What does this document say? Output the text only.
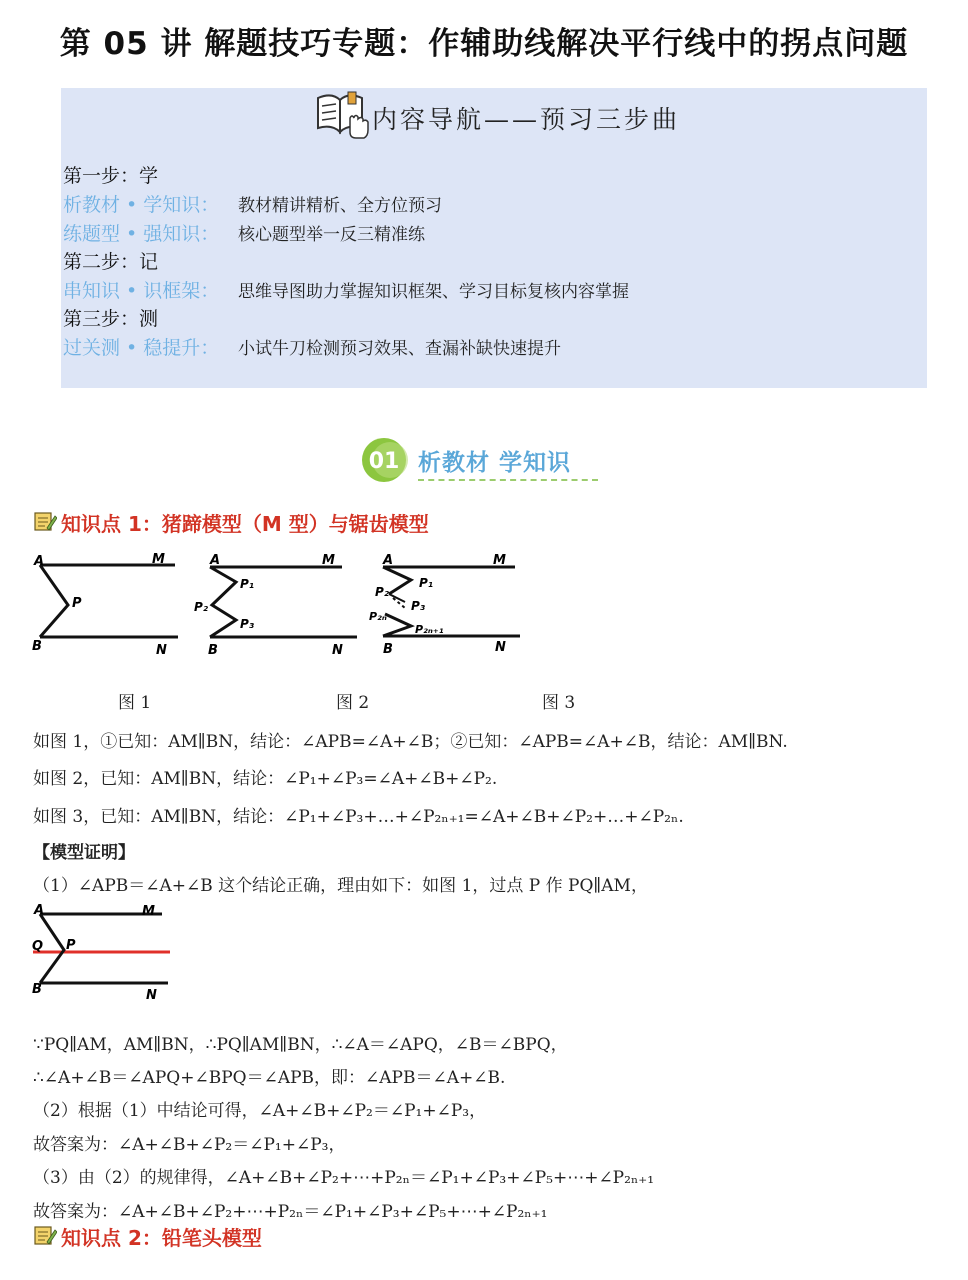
第 05 讲 解题技巧专题：作辅助线解决平行线中的拐点问题
内容导航——预习三步曲
第一步：学
析教材 • 学知识： 教材精讲精析、全方位预习
练题型 • 强知识： 核心题型举一反三精准练
第二步：记
串知识 • 识框架： 思维导图助力掌握知识框架、学习目标复核内容掌握
第三步：测
过关测 • 稳提升： 小试牛刀检测预习效果、查漏补缺快速提升
01 析教材 学知识
知识点 1：猪蹄模型（M 型）与锯齿模型
A	M
P
B	N
A	M
P₁
P₂
P₃
B	N
A	M
P₁
P₂
P₃
P₂ₙ
P₂ₙ₊₁
B	N
图 1	图 2	图 3
如图 1，①已知：AM∥BN，结论：∠APB=∠A+∠B；②已知：∠APB=∠A+∠B，结论：AM∥BN.
如图 2，已知：AM∥BN，结论：∠P₁+∠P₃=∠A+∠B+∠P₂.
如图 3，已知：AM∥BN，结论：∠P₁+∠P₃+…+∠P₂ₙ₊₁=∠A+∠B+∠P₂+…+∠P₂ₙ.
【模型证明】
（1）∠APB＝∠A+∠B 这个结论正确，理由如下：如图 1，过点 P 作 PQ∥AM，
A	M
Q P
B	N
∵PQ∥AM，AM∥BN，∴PQ∥AM∥BN，∴∠A＝∠APQ，∠B＝∠BPQ，
∴∠A+∠B＝∠APQ+∠BPQ＝∠APB，即：∠APB＝∠A+∠B.
（2）根据（1）中结论可得，∠A+∠B+∠P₂＝∠P₁+∠P₃，
故答案为：∠A+∠B+∠P₂＝∠P₁+∠P₃，
（3）由（2）的规律得，∠A+∠B+∠P₂+⋯+P₂ₙ＝∠P₁+∠P₃+∠P₅+⋯+∠P₂ₙ₊₁
故答案为：∠A+∠B+∠P₂+⋯+P₂ₙ＝∠P₁+∠P₃+∠P₅+⋯+∠P₂ₙ₊₁
知识点 2：铅笔头模型
